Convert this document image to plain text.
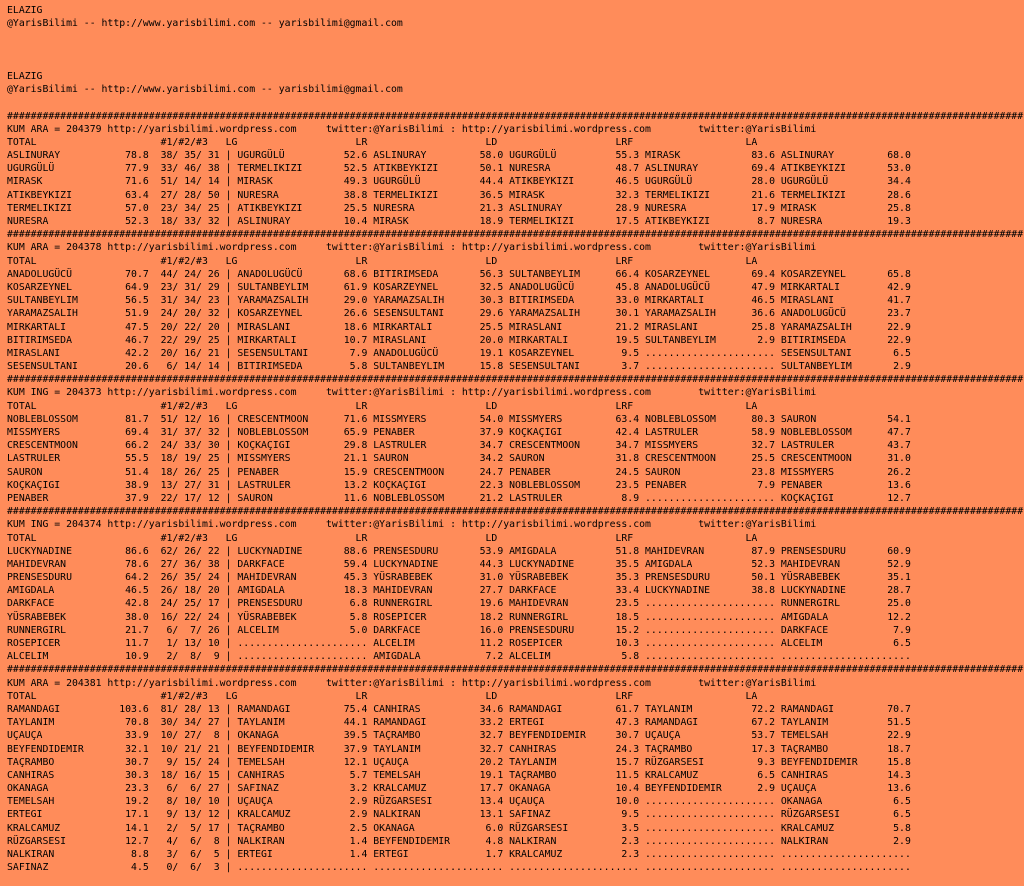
ELAZIG
@YarisBilimi -- http://www.yarisbilimi.com -- yarisbilimi@gmail.com
ELAZIG
@YarisBilimi -- http://www.yarisbilimi.com -- yarisbilimi@gmail.com
############################################################################################################################################################################
KUM ARA = 204379 http://yarisbilimi.wordpress.com     twitter:@YarisBilimi : http://yarisbilimi.wordpress.com        twitter:@YarisBilimi
TOTAL                     #1/#2/#3   LG                    LR                    LD                    LRF                   LA
ASLINURAY           78.8  38/ 35/ 31 | UGURGÜLÜ          52.6 ASLINURAY         58.0 UGURGÜLÜ          55.3 MIRASK            83.6 ASLINURAY         68.0
UGURGÜLÜ            77.9  33/ 46/ 38 | TERMELIKIZI       52.5 ATIKBEYKIZI       50.1 NURESRA           48.7 ASLINURAY         69.4 ATIKBEYKIZI       53.0
MIRASK              71.6  51/ 14/ 14 | MIRASK            49.3 UGURGÜLÜ          44.4 ATIKBEYKIZI       46.5 UGURGÜLÜ          28.0 UGURGÜLÜ          34.4
ATIKBEYKIZI         63.4  27/ 28/ 50 | NURESRA           38.8 TERMELIKIZI       36.5 MIRASK            32.3 TERMELIKIZI       21.6 TERMELIKIZI       28.6
TERMELIKIZI         57.0  23/ 34/ 25 | ATIKBEYKIZI       25.5 NURESRA           21.3 ASLINURAY         28.9 NURESRA           17.9 MIRASK            25.8
NURESRA             52.3  18/ 33/ 32 | ASLINURAY         10.4 MIRASK            18.9 TERMELIKIZI       17.5 ATIKBEYKIZI        8.7 NURESRA           19.3
############################################################################################################################################################################
KUM ARA = 204378 http://yarisbilimi.wordpress.com     twitter:@YarisBilimi : http://yarisbilimi.wordpress.com        twitter:@YarisBilimi
TOTAL                     #1/#2/#3   LG                    LR                    LD                    LRF                   LA
ANADOLUGÜCÜ         70.7  44/ 24/ 26 | ANADOLUGÜCÜ       68.6 BITIRIMSEDA       56.3 SULTANBEYLIM      66.4 KOSARZEYNEL       69.4 KOSARZEYNEL       65.8
KOSARZEYNEL         64.9  23/ 31/ 29 | SULTANBEYLIM      61.9 KOSARZEYNEL       32.5 ANADOLUGÜCÜ       45.8 ANADOLUGÜCÜ       47.9 MIRKARTALI        42.9
SULTANBEYLIM        56.5  31/ 34/ 23 | YARAMAZSALIH      29.0 YARAMAZSALIH      30.3 BITIRIMSEDA       33.0 MIRKARTALI        46.5 MIRASLANI         41.7
YARAMAZSALIH        51.9  24/ 20/ 32 | KOSARZEYNEL       26.6 SESENSULTANI      29.6 YARAMAZSALIH      30.1 YARAMAZSALIH      36.6 ANADOLUGÜCÜ       23.7
MIRKARTALI          47.5  20/ 22/ 20 | MIRASLANI         18.6 MIRKARTALI        25.5 MIRASLANI         21.2 MIRASLANI         25.8 YARAMAZSALIH      22.9
BITIRIMSEDA         46.7  22/ 29/ 25 | MIRKARTALI        10.7 MIRASLANI         20.0 MIRKARTALI        19.5 SULTANBEYLIM       2.9 BITIRIMSEDA       22.9
MIRASLANI           42.2  20/ 16/ 21 | SESENSULTANI       7.9 ANADOLUGÜCÜ       19.1 KOSARZEYNEL        9.5 ...................... SESENSULTANI       6.5
SESENSULTANI        20.6   6/ 14/ 14 | BITIRIMSEDA        5.8 SULTANBEYLIM      15.8 SESENSULTANI       3.7 ...................... SULTANBEYLIM       2.9
############################################################################################################################################################################
KUM ING = 204373 http://yarisbilimi.wordpress.com     twitter:@YarisBilimi : http://yarisbilimi.wordpress.com        twitter:@YarisBilimi
TOTAL                     #1/#2/#3   LG                    LR                    LD                    LRF                   LA
NOBLEBLOSSOM        81.7  51/ 12/ 16 | CRESCENTMOON      71.6 MISSMYERS         54.0 MISSMYERS         63.4 NOBLEBLOSSOM      80.3 SAURON            54.1
MISSMYERS           69.4  31/ 37/ 32 | NOBLEBLOSSOM      65.9 PENABER           37.9 KOÇKAÇIGI         42.4 LASTRULER         58.9 NOBLEBLOSSOM      47.7
CRESCENTMOON        66.2  24/ 33/ 30 | KOÇKAÇIGI         29.8 LASTRULER         34.7 CRESCENTMOON      34.7 MISSMYERS         32.7 LASTRULER         43.7
LASTRULER           55.5  18/ 19/ 25 | MISSMYERS         21.1 SAURON            34.2 SAURON            31.8 CRESCENTMOON      25.5 CRESCENTMOON      31.0
SAURON              51.4  18/ 26/ 25 | PENABER           15.9 CRESCENTMOON      24.7 PENABER           24.5 SAURON            23.8 MISSMYERS         26.2
KOÇKAÇIGI           38.9  13/ 27/ 31 | LASTRULER         13.2 KOÇKAÇIGI         22.3 NOBLEBLOSSOM      23.5 PENABER            7.9 PENABER           13.6
PENABER             37.9  22/ 17/ 12 | SAURON            11.6 NOBLEBLOSSOM      21.2 LASTRULER          8.9 ...................... KOÇKAÇIGI         12.7
############################################################################################################################################################################
KUM ING = 204374 http://yarisbilimi.wordpress.com     twitter:@YarisBilimi : http://yarisbilimi.wordpress.com        twitter:@YarisBilimi
TOTAL                     #1/#2/#3   LG                    LR                    LD                    LRF                   LA
LUCKYNADINE         86.6  62/ 26/ 22 | LUCKYNADINE       88.6 PRENSESDURU       53.9 AMIGDALA          51.8 MAHIDEVRAN        87.9 PRENSESDURU       60.9
MAHIDEVRAN          78.6  27/ 36/ 38 | DARKFACE          59.4 LUCKYNADINE       44.3 LUCKYNADINE       35.5 AMIGDALA          52.3 MAHIDEVRAN        52.9
PRENSESDURU         64.2  26/ 35/ 24 | MAHIDEVRAN        45.3 YÜSRABEBEK        31.0 YÜSRABEBEK        35.3 PRENSESDURU       50.1 YÜSRABEBEK        35.1
AMIGDALA            46.5  26/ 18/ 20 | AMIGDALA          18.3 MAHIDEVRAN        27.7 DARKFACE          33.4 LUCKYNADINE       38.8 LUCKYNADINE       28.7
DARKFACE            42.8  24/ 25/ 17 | PRENSESDURU        6.8 RUNNERGIRL        19.6 MAHIDEVRAN        23.5 ...................... RUNNERGIRL        25.0
YÜSRABEBEK          38.0  16/ 22/ 24 | YÜSRABEBEK         5.8 ROSEPICER         18.2 RUNNERGIRL        18.5 ...................... AMIGDALA          12.2
RUNNERGIRL          21.7   6/  7/ 26 | ALCELIM            5.0 DARKFACE          16.0 PRENSESDURU       15.2 ...................... DARKFACE           7.9
ROSEPICER           11.7   1/ 13/ 10 | ...................... ALCELIM           11.2 ROSEPICER         10.3 ...................... ALCELIM            6.5
ALCELIM             10.9   2/  8/  9 | ...................... AMIGDALA           7.2 ALCELIM            5.8 ...................... ......................
############################################################################################################################################################################
KUM ARA = 204381 http://yarisbilimi.wordpress.com     twitter:@YarisBilimi : http://yarisbilimi.wordpress.com        twitter:@YarisBilimi
TOTAL                     #1/#2/#3   LG                    LR                    LD                    LRF                   LA
RAMANDAGI          103.6  81/ 28/ 13 | RAMANDAGI         75.4 CANHIRAS          34.6 RAMANDAGI         61.7 TAYLANIM          72.2 RAMANDAGI         70.7
TAYLANIM            70.8  30/ 34/ 27 | TAYLANIM          44.1 RAMANDAGI         33.2 ERTEGI            47.3 RAMANDAGI         67.2 TAYLANIM          51.5
UÇAUÇA              33.9  10/ 27/  8 | OKANAGA           39.5 TAÇRAMBO          32.7 BEYFENDIDEMIR     30.7 UÇAUÇA            53.7 TEMELSAH          22.9
BEYFENDIDEMIR       32.1  10/ 21/ 21 | BEYFENDIDEMIR     37.9 TAYLANIM          32.7 CANHIRAS          24.3 TAÇRAMBO          17.3 TAÇRAMBO          18.7
TAÇRAMBO            30.7   9/ 15/ 24 | TEMELSAH          12.1 UÇAUÇA            20.2 TAYLANIM          15.7 RÜZGARSESI         9.3 BEYFENDIDEMIR     15.8
CANHIRAS            30.3  18/ 16/ 15 | CANHIRAS           5.7 TEMELSAH          19.1 TAÇRAMBO          11.5 KRALCAMUZ          6.5 CANHIRAS          14.3
OKANAGA             23.3   6/  6/ 27 | SAFINAZ            3.2 KRALCAMUZ         17.7 OKANAGA           10.4 BEYFENDIDEMIR      2.9 UÇAUÇA            13.6
TEMELSAH            19.2   8/ 10/ 10 | UÇAUÇA             2.9 RÜZGARSESI        13.4 UÇAUÇA            10.0 ...................... OKANAGA            6.5
ERTEGI              17.1   9/ 13/ 12 | KRALCAMUZ          2.9 NALKIRAN          13.1 SAFINAZ            9.5 ...................... RÜZGARSESI         6.5
KRALCAMUZ           14.1   2/  5/ 17 | TAÇRAMBO           2.5 OKANAGA            6.0 RÜZGARSESI         3.5 ...................... KRALCAMUZ          5.8
RÜZGARSESI          12.7   4/  6/  8 | NALKIRAN           1.4 BEYFENDIDEMIR      4.8 NALKIRAN           2.3 ...................... NALKIRAN           2.9
NALKIRAN             8.8   3/  6/  5 | ERTEGI             1.4 ERTEGI             1.7 KRALCAMUZ          2.3 ...................... ......................
SAFINAZ              4.5   0/  6/  3 | ...................... ...................... ...................... ...................... ......................
